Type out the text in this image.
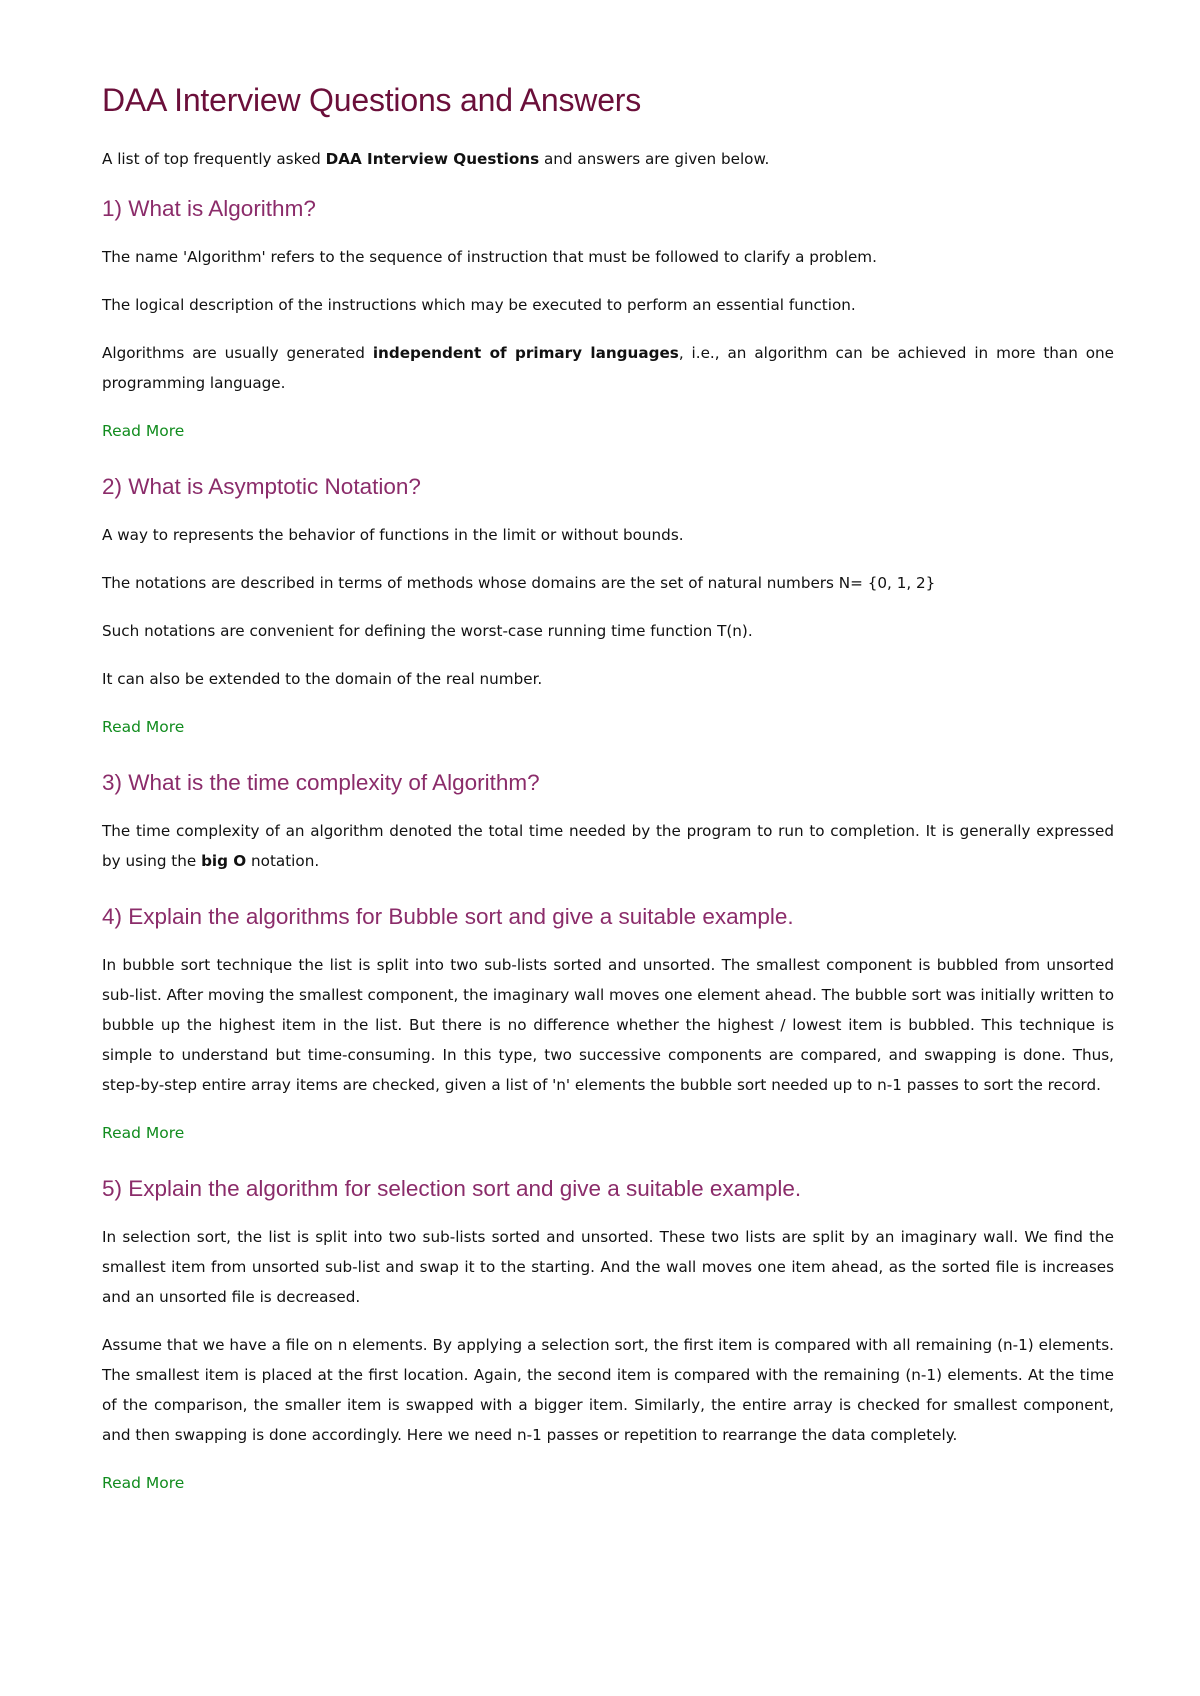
DAA Interview Questions and Answers

A list of top frequently asked DAA Interview Questions and answers are given below.

1) What is Algorithm?

The name 'Algorithm' refers to the sequence of instruction that must be followed to clarify a problem.

The logical description of the instructions which may be executed to perform an essential function.

Algorithms are usually generated independent of primary languages, i.e., an algorithm can be achieved in more than one programming language.

Read More
2) What is Asymptotic Notation?

A way to represents the behavior of functions in the limit or without bounds.

The notations are described in terms of methods whose domains are the set of natural numbers N= {0, 1, 2}

Such notations are convenient for defining the worst-case running time function T(n).

It can also be extended to the domain of the real number.

Read More
3) What is the time complexity of Algorithm?

The time complexity of an algorithm denoted the total time needed by the program to run to completion. It is generally expressed by using the big O notation.

4) Explain the algorithms for Bubble sort and give a suitable example.

In bubble sort technique the list is split into two sub-lists sorted and unsorted. The smallest component is bubbled from unsorted sub-list. After moving the smallest component, the imaginary wall moves one element ahead. The bubble sort was initially written to bubble up the highest item in the list. But there is no difference whether the highest / lowest item is bubbled. This technique is simple to understand but time-consuming. In this type, two successive components are compared, and swapping is done. Thus, step-by-step entire array items are checked, given a list of 'n' elements the bubble sort needed up to n-1 passes to sort the record.

Read More
5) Explain the algorithm for selection sort and give a suitable example.

In selection sort, the list is split into two sub-lists sorted and unsorted. These two lists are split by an imaginary wall. We find the smallest item from unsorted sub-list and swap it to the starting. And the wall moves one item ahead, as the sorted file is increases and an unsorted file is decreased.

Assume that we have a file on n elements. By applying a selection sort, the first item is compared with all remaining (n-1) elements. The smallest item is placed at the first location. Again, the second item is compared with the remaining (n-1) elements. At the time of the comparison, the smaller item is swapped with a bigger item. Similarly, the entire array is checked for smallest component, and then swapping is done accordingly. Here we need n-1 passes or repetition to rearrange the data completely.

Read More
